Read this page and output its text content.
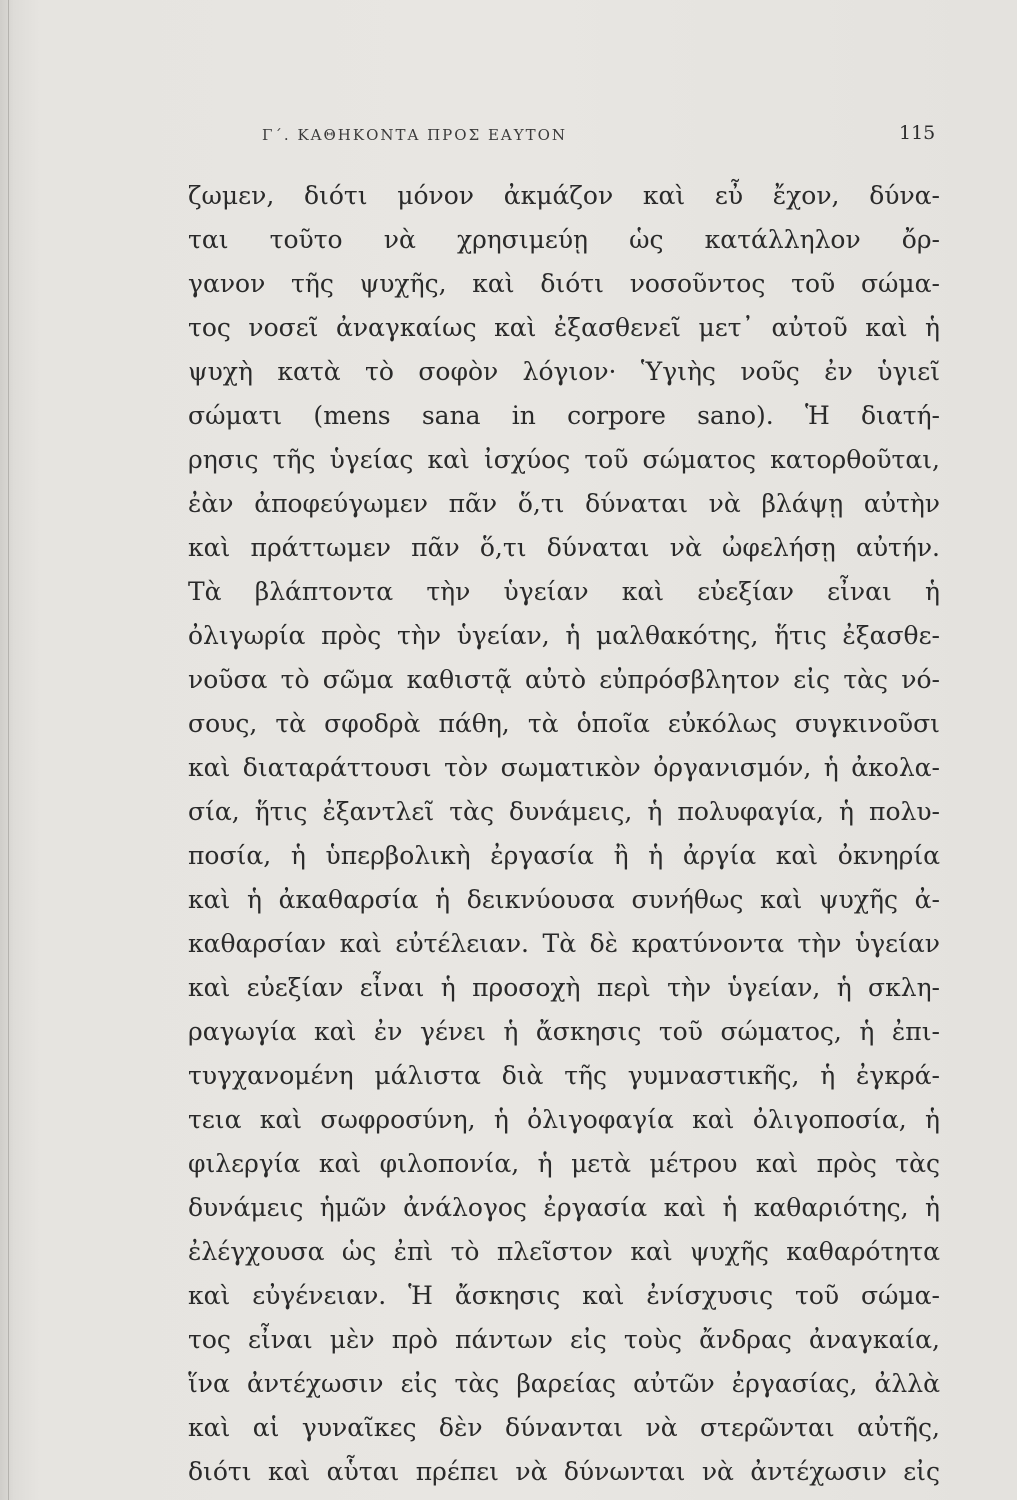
Γ΄. ΚΑΘΗΚΟΝΤΑ ΠΡΟΣ ΕΑΥΤΟΝ	115
ζωμεν, διότι μόνον ἀκμάζον καὶ εὖ ἔχον, δύνα-
ται τοῦτο νὰ χρησιμεύῃ ὡς κατάλληλον ὄρ-
γανον τῆς ψυχῆς, καὶ διότι νοσοῦντος τοῦ σώμα-
τος νοσεῖ ἀναγκαίως καὶ ἐξασθενεῖ μετ᾽ αὐτοῦ καὶ ἡ
ψυχὴ κατὰ τὸ σοφὸν λόγιον· Ὑγιὴς νοῦς ἐν ὑγιεῖ
σώματι (mens sana in corpore sano). Ἡ διατή-
ρησις τῆς ὑγείας καὶ ἰσχύος τοῦ σώματος κατορθοῦται,
ἐὰν ἀποφεύγωμεν πᾶν ὅ,τι δύναται νὰ βλάψῃ αὐτὴν
καὶ πράττωμεν πᾶν ὅ,τι δύναται νὰ ὠφελήσῃ αὐτήν.
Τὰ βλάπτοντα τὴν ὑγείαν καὶ εὐεξίαν εἶναι ἡ
ὀλιγωρία πρὸς τὴν ὑγείαν, ἡ μαλθακότης, ἥτις ἐξασθε-
νοῦσα τὸ σῶμα καθιστᾷ αὐτὸ εὐπρόσβλητον εἰς τὰς νό-
σους, τὰ σφοδρὰ πάθη, τὰ ὁποῖα εὐκόλως συγκινοῦσι
καὶ διαταράττουσι τὸν σωματικὸν ὀργανισμόν, ἡ ἀκολα-
σία, ἥτις ἐξαντλεῖ τὰς δυνάμεις, ἡ πολυφαγία, ἡ πολυ-
ποσία, ἡ ὑπερβολικὴ ἐργασία ἢ ἡ ἀργία καὶ ὀκνηρία
καὶ ἡ ἀκαθαρσία ἡ δεικνύουσα συνήθως καὶ ψυχῆς ἀ-
καθαρσίαν καὶ εὐτέλειαν. Τὰ δὲ κρατύνοντα τὴν ὑγείαν
καὶ εὐεξίαν εἶναι ἡ προσοχὴ περὶ τὴν ὑγείαν, ἡ σκλη-
ραγωγία καὶ ἐν γένει ἡ ἄσκησις τοῦ σώματος, ἡ ἐπι-
τυγχανομένη μάλιστα διὰ τῆς γυμναστικῆς, ἡ ἐγκρά-
τεια καὶ σωφροσύνη, ἡ ὀλιγοφαγία καὶ ὀλιγοποσία, ἡ
φιλεργία καὶ φιλοπονία, ἡ μετὰ μέτρου καὶ πρὸς τὰς
δυνάμεις ἡμῶν ἀνάλογος ἐργασία καὶ ἡ καθαριότης, ἡ
ἐλέγχουσα ὡς ἐπὶ τὸ πλεῖστον καὶ ψυχῆς καθαρότητα
καὶ εὐγένειαν. Ἡ ἄσκησις καὶ ἐνίσχυσις τοῦ σώμα-
τος εἶναι μὲν πρὸ πάντων εἰς τοὺς ἄνδρας ἀναγκαία,
ἵνα ἀντέχωσιν εἰς τὰς βαρείας αὐτῶν ἐργασίας, ἀλλὰ
καὶ αἱ γυναῖκες δὲν δύνανται νὰ στερῶνται αὐτῆς,
διότι καὶ αὗται πρέπει νὰ δύνωνται νὰ ἀντέχωσιν εἰς
